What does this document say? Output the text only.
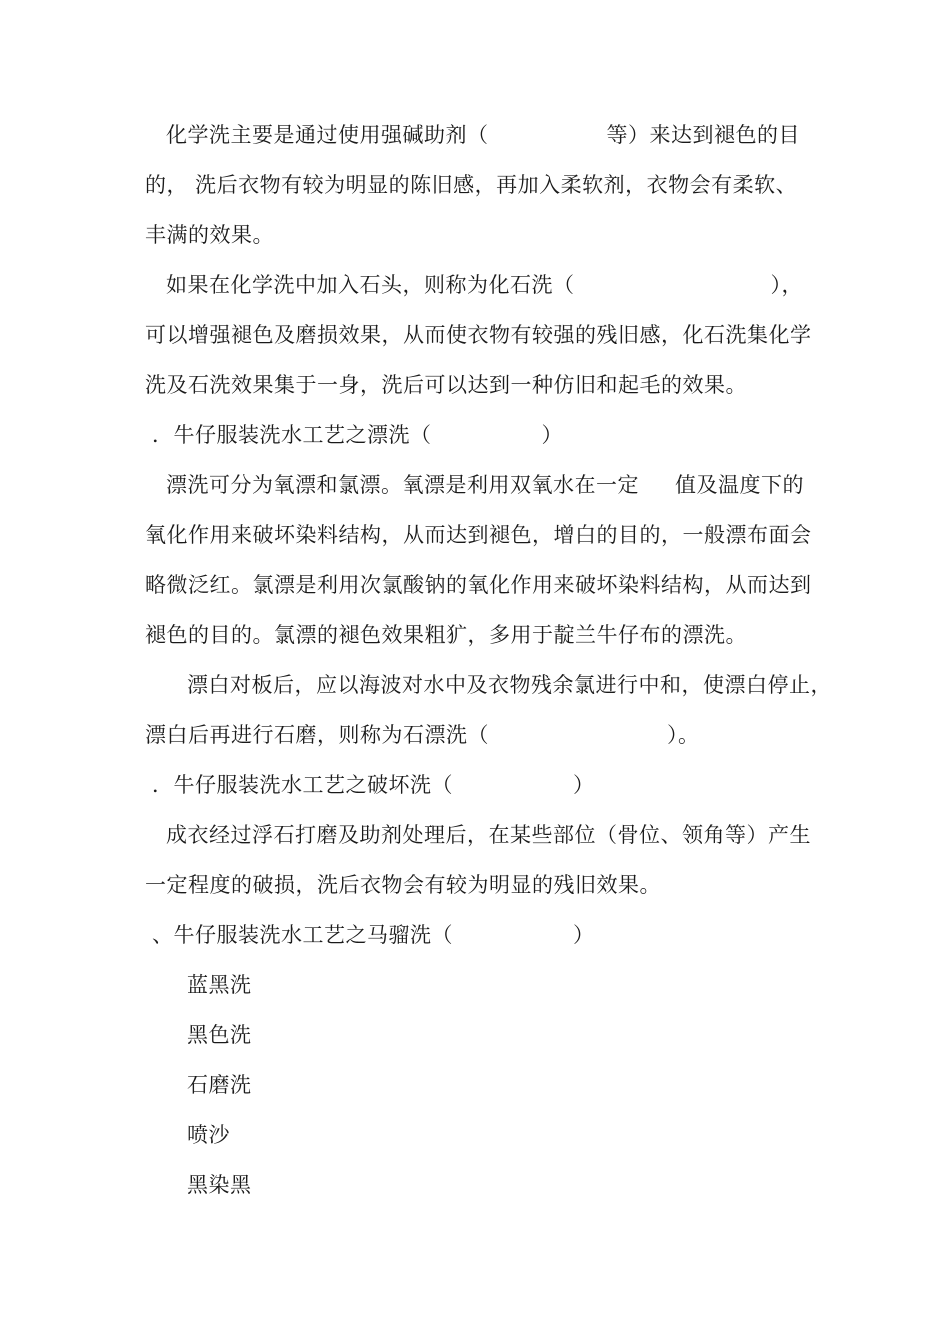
化学洗主要是通过使用强碱助剂（	等）来达到褪色的目
的， 洗后衣物有较为明显的陈旧感，再加入柔软剂，衣物会有柔软、
丰满的效果。
如果在化学洗中加入石头，则称为化石洗（	），
可以增强褪色及磨损效果，从而使衣物有较强的残旧感，化石洗集化学
洗及石洗效果集于一身，洗后可以达到一种仿旧和起毛的效果。
．牛仔服装洗水工艺之漂洗（	）
漂洗可分为氧漂和氯漂。氧漂是利用双氧水在一定 值及温度下的
氧化作用来破坏染料结构，从而达到褪色，增白的目的，一般漂布面会
略微泛红。氯漂是利用次氯酸钠的氧化作用来破坏染料结构，从而达到
褪色的目的。氯漂的褪色效果粗犷，多用于靛兰牛仔布的漂洗。
漂白对板后，应以海波对水中及衣物残余氯进行中和，使漂白停止，
漂白后再进行石磨，则称为石漂洗（	）。
．牛仔服装洗水工艺之破坏洗（	）
成衣经过浮石打磨及助剂处理后，在某些部位（骨位、领角等）产生
一定程度的破损，洗后衣物会有较为明显的残旧效果。
、牛仔服装洗水工艺之马骝洗（	）
蓝黑洗
黑色洗
石磨洗
喷沙
黑染黑
